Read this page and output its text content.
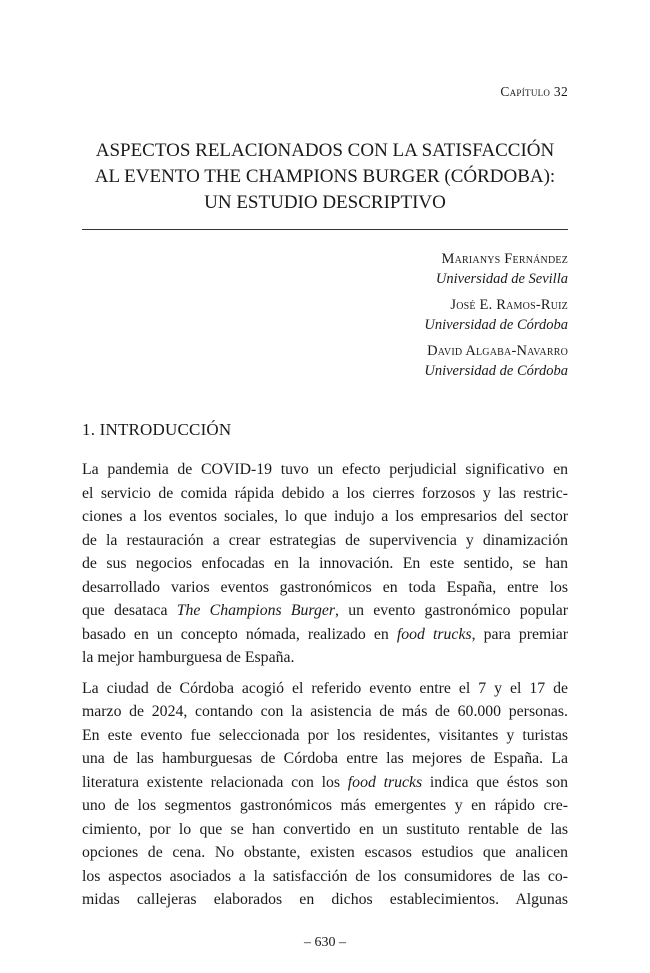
Capítulo 32
ASPECTOS RELACIONADOS CON LA SATISFACCIÓN
AL EVENTO THE CHAMPIONS BURGER (CÓRDOBA):
UN ESTUDIO DESCRIPTIVO
Marianys Fernández
Universidad de Sevilla
José E. Ramos-Ruiz
Universidad de Córdoba
David Algaba-Navarro
Universidad de Córdoba
1. INTRODUCCIÓN
La pandemia de COVID-19 tuvo un efecto perjudicial significativo en
el servicio de comida rápida debido a los cierres forzosos y las restric-
ciones a los eventos sociales, lo que indujo a los empresarios del sector
de la restauración a crear estrategias de supervivencia y dinamización
de sus negocios enfocadas en la innovación. En este sentido, se han
desarrollado varios eventos gastronómicos en toda España, entre los
que desataca The Champions Burger, un evento gastronómico popular
basado en un concepto nómada, realizado en food trucks, para premiar
la mejor hamburguesa de España.
La ciudad de Córdoba acogió el referido evento entre el 7 y el 17 de
marzo de 2024, contando con la asistencia de más de 60.000 personas.
En este evento fue seleccionada por los residentes, visitantes y turistas
una de las hamburguesas de Córdoba entre las mejores de España. La
literatura existente relacionada con los food trucks indica que éstos son
uno de los segmentos gastronómicos más emergentes y en rápido cre-
cimiento, por lo que se han convertido en un sustituto rentable de las
opciones de cena. No obstante, existen escasos estudios que analicen
los aspectos asociados a la satisfacción de los consumidores de las co-
midas callejeras elaborados en dichos establecimientos. Algunas
– 630 –
